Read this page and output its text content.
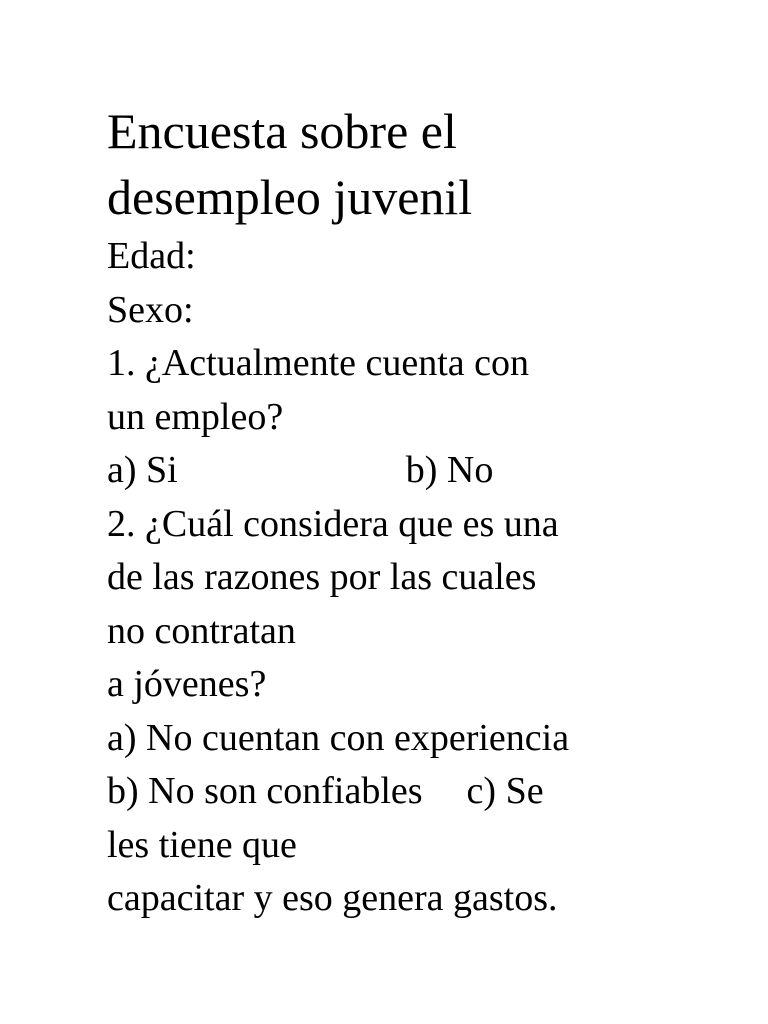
Encuesta sobre el
desempleo juvenil
Edad:
Sexo:
1. ¿Actualmente cuenta con
un empleo?
a) Si	b) No
2. ¿Cuál considera que es una
de las razones por las cuales
no contratan
a jóvenes?
a) No cuentan con experiencia
b) No son confiables c) Se
les tiene que
capacitar y eso genera gastos.
